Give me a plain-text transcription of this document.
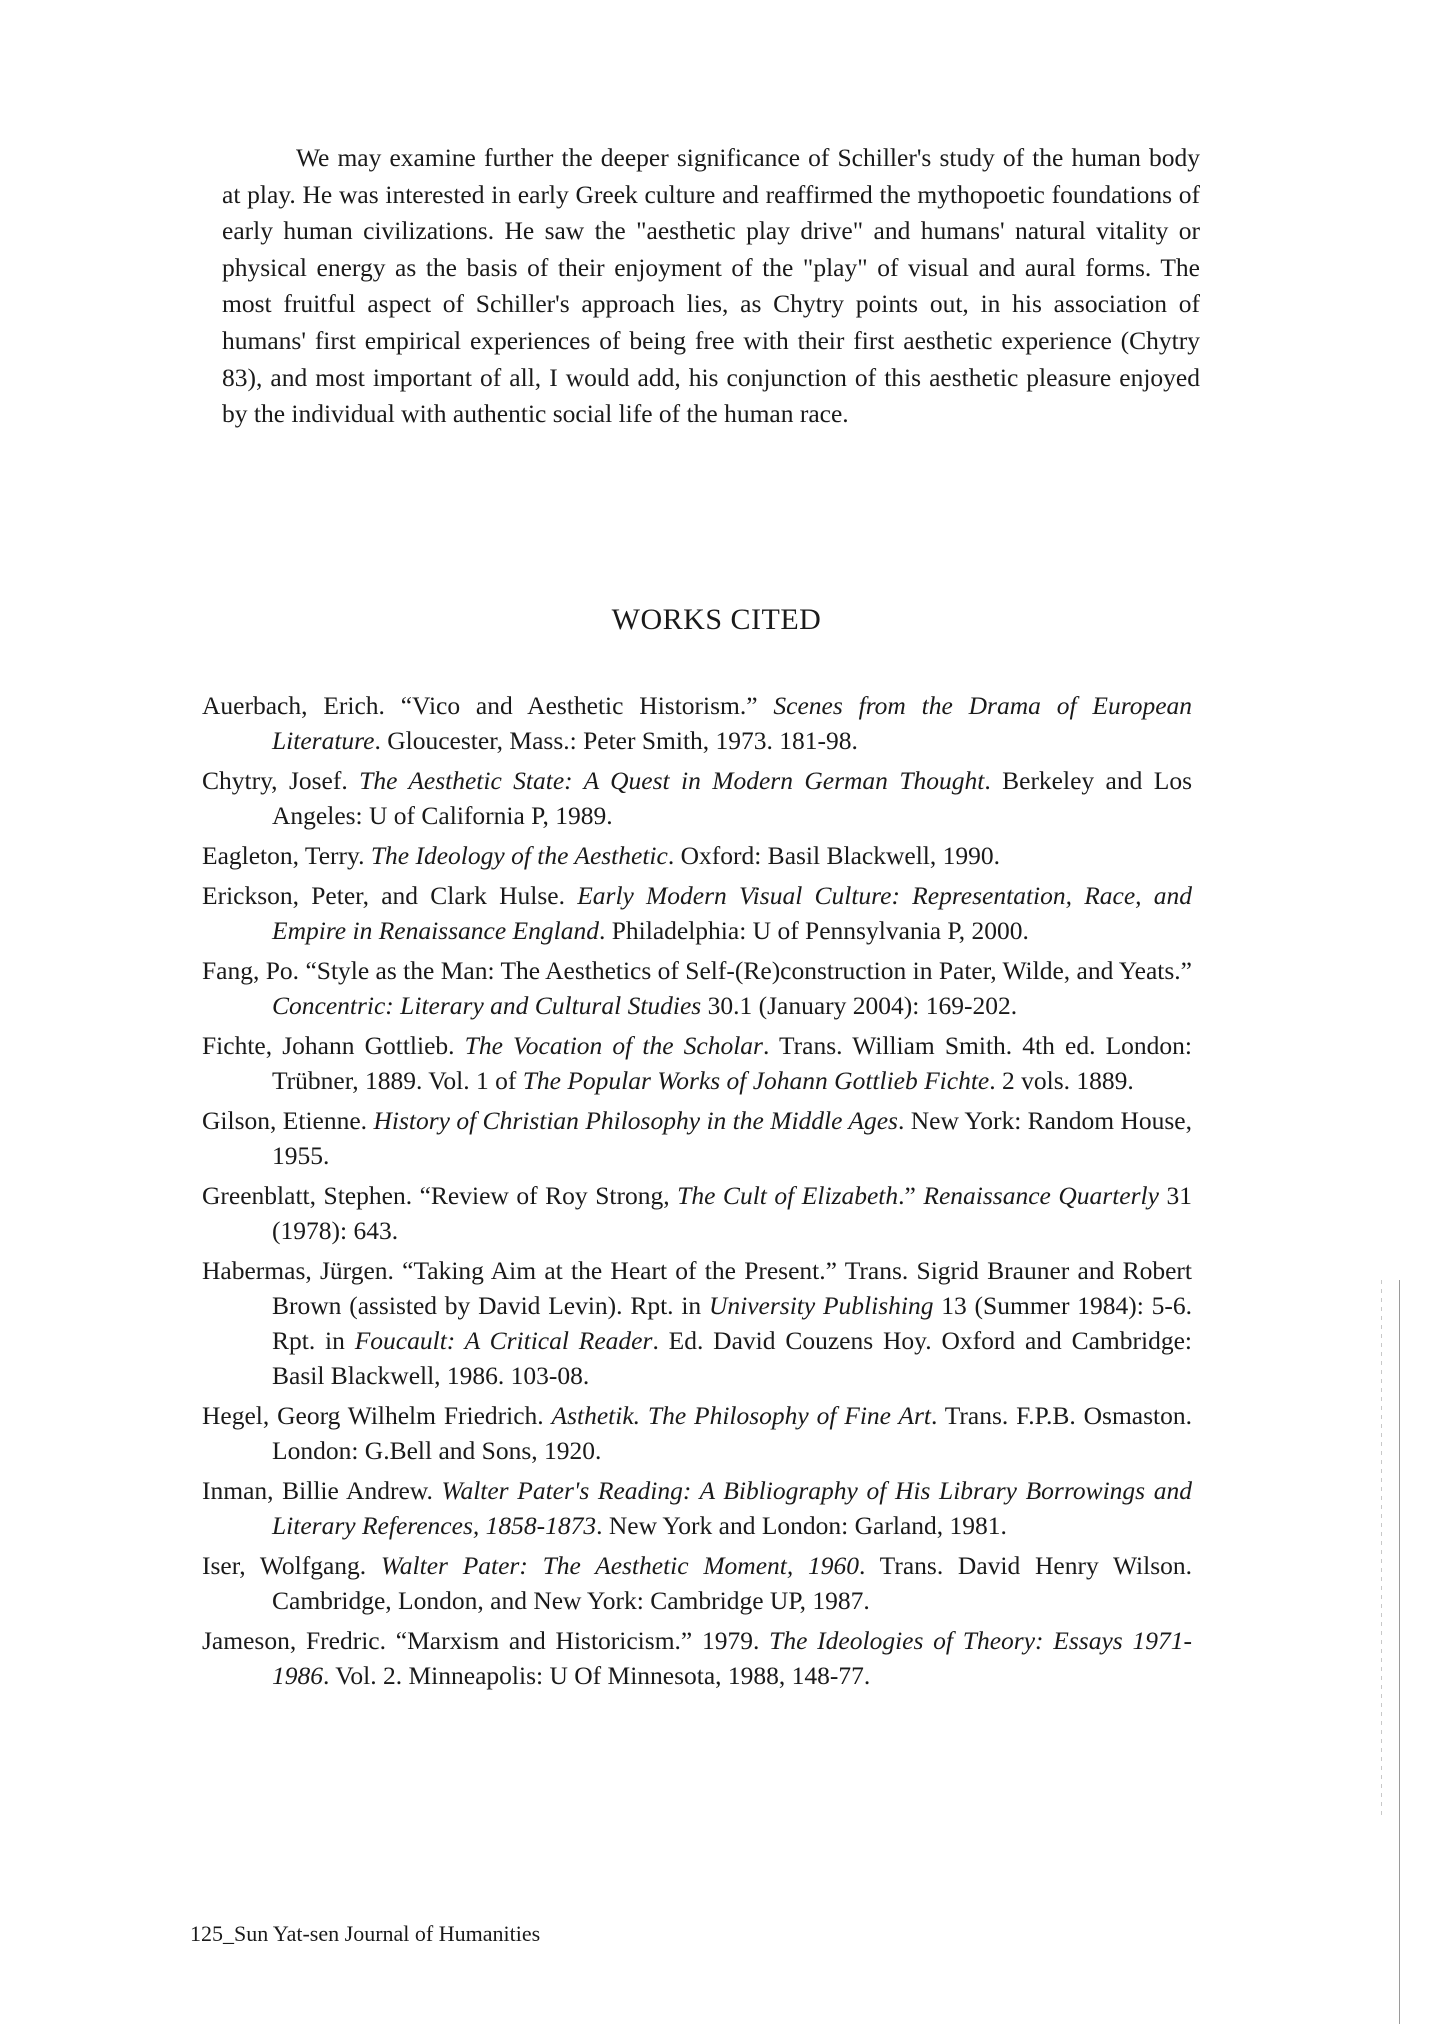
We may examine further the deeper significance of Schiller's study of the human body at play. He was interested in early Greek culture and reaffirmed the mythopoetic foundations of early human civilizations. He saw the "aesthetic play drive" and humans' natural vitality or physical energy as the basis of their enjoyment of the "play" of visual and aural forms. The most fruitful aspect of Schiller's approach lies, as Chytry points out, in his association of humans' first empirical experiences of being free with their first aesthetic experience (Chytry 83), and most important of all, I would add, his conjunction of this aesthetic pleasure enjoyed by the individual with authentic social life of the human race.

WORKS CITED
Auerbach, Erich. “Vico and Aesthetic Historism.” Scenes from the Drama of European Literature. Gloucester, Mass.: Peter Smith, 1973. 181-98.
Chytry, Josef. The Aesthetic State: A Quest in Modern German Thought. Berkeley and Los Angeles: U of California P, 1989.
Eagleton, Terry. The Ideology of the Aesthetic. Oxford: Basil Blackwell, 1990.
Erickson, Peter, and Clark Hulse. Early Modern Visual Culture: Representation, Race, and Empire in Renaissance England. Philadelphia: U of Pennsylvania P, 2000.
Fang, Po. “Style as the Man: The Aesthetics of Self-(Re)construction in Pater, Wilde, and Yeats.” Concentric: Literary and Cultural Studies 30.1 (January 2004): 169-202.
Fichte, Johann Gottlieb. The Vocation of the Scholar. Trans. William Smith. 4th ed. London: Trübner, 1889. Vol. 1 of The Popular Works of Johann Gottlieb Fichte. 2 vols. 1889.
Gilson, Etienne. History of Christian Philosophy in the Middle Ages. New York: Random House, 1955.
Greenblatt, Stephen. “Review of Roy Strong, The Cult of Elizabeth.” Renaissance Quarterly 31 (1978): 643.
Habermas, Jürgen. “Taking Aim at the Heart of the Present.” Trans. Sigrid Brauner and Robert Brown (assisted by David Levin). Rpt. in University Publishing 13 (Summer 1984): 5-6. Rpt. in Foucault: A Critical Reader. Ed. David Couzens Hoy. Oxford and Cambridge: Basil Blackwell, 1986. 103-08.
Hegel, Georg Wilhelm Friedrich. Asthetik. The Philosophy of Fine Art. Trans. F.P.B. Osmaston. London: G.Bell and Sons, 1920.
Inman, Billie Andrew. Walter Pater's Reading: A Bibliography of His Library Borrowings and Literary References, 1858-1873. New York and London: Garland, 1981.
Iser, Wolfgang. Walter Pater: The Aesthetic Moment, 1960. Trans. David Henry Wilson. Cambridge, London, and New York: Cambridge UP, 1987.
Jameson, Fredric. “Marxism and Historicism.” 1979. The Ideologies of Theory: Essays 1971-1986. Vol. 2. Minneapolis: U Of Minnesota, 1988, 148-77.

125_Sun Yat-sen Journal of Humanities
